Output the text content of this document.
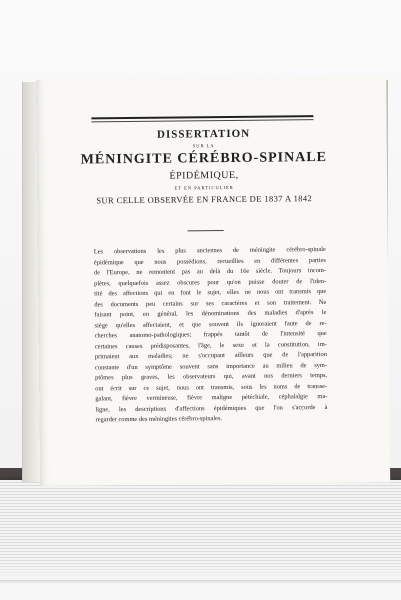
DISSERTATION
SUR LA
MÉNINGITE CÉRÉBRO-SPINALE
ÉPIDÉMIQUE,
ET EN PARTICULIER
SUR CELLE OBSERVÉE EN FRANCE DE 1837 A 1842
Les observations les plus anciennes de méningite cérébro-spinale
épidémique que nous possédions, recueillies en différentes parties
de l'Europe, ne remontent pas au delà du 16e siècle. Toujours incom-
plètes, quelquefois assez obscures pour qu'on puisse douter de l'iden-
tité des affections qui en font le sujet, elles ne nous ont transmis que
des documents peu certains sur ses caractères et son traitement. Ne
faisant point, en général, les dénominations des maladies d'après le
siège qu'elles affectaient, et que souvent ils ignoraient faute de re-
cherches anatomo-pathologiques; frappés tantôt de l'intensité que
certaines causes prédisposantes, l'âge, le sexe et la constitution, im-
primaient aux maladies; ne s'occupant ailleurs que de l'apparition
constante d'un symptôme souvent sans importance au milieu de sym-
ptômes plus graves, les observateurs qui, avant nos derniers temps,
ont écrit sur ce sujet, nous ont transmis, sous les noms de transse-
galant, fièvre vermineuse, fièvre maligne pétéchiale, céphalalgie ma-
ligne, les descriptions d'affections épidémiques que l'on s'accorde à
regarder comme des méningites cérébro-spinales.
